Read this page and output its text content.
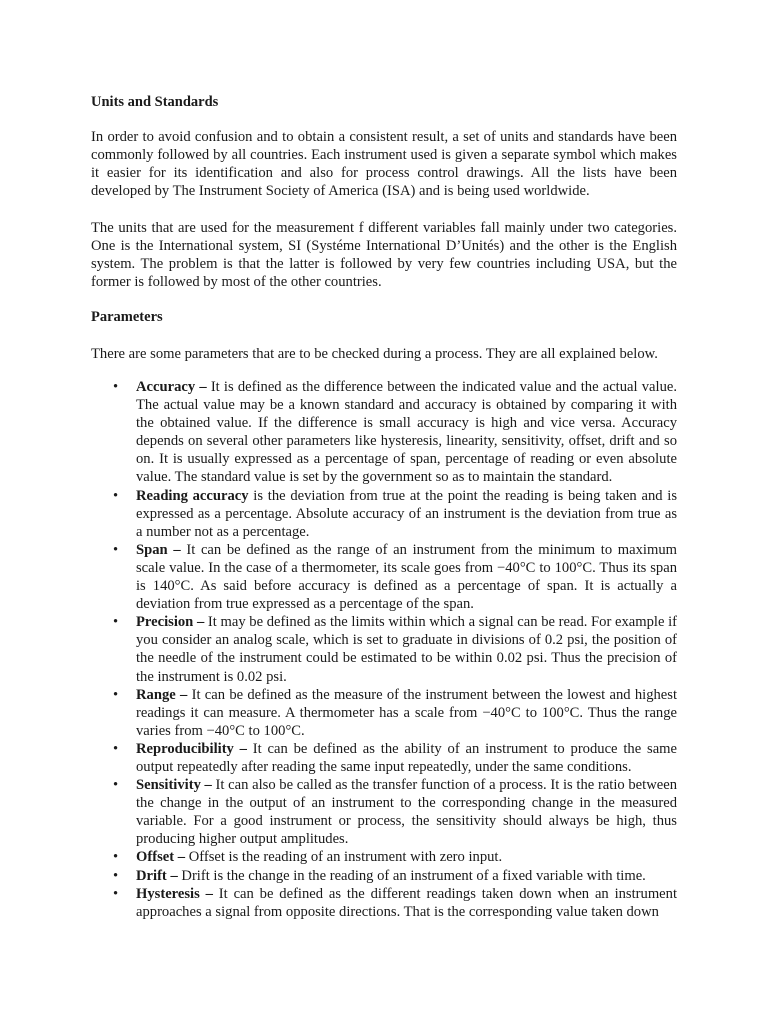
Units and Standards

In order to avoid confusion and to obtain a consistent result, a set of units and standards have been commonly followed by all countries. Each instrument used is given a separate symbol which makes it easier for its identification and also for process control drawings. All the lists have been developed by The Instrument Society of America (ISA) and is being used worldwide.

The units that are used for the measurement f different variables fall mainly under two categories. One is the International system, SI (Systéme International D’Unités) and the other is the English system. The problem is that the latter is followed by very few countries including USA, but the former is followed by most of the other countries.

Parameters

There are some parameters that are to be checked during a process. They are all explained below.

• Accuracy – It is defined as the difference between the indicated value and the actual value. The actual value may be a known standard and accuracy is obtained by comparing it with the obtained value. If the difference is small accuracy is high and vice versa. Accuracy depends on several other parameters like hysteresis, linearity, sensitivity, offset, drift and so on. It is usually expressed as a percentage of span, percentage of reading or even absolute value. The standard value is set by the government so as to maintain the standard.
• Reading accuracy is the deviation from true at the point the reading is being taken and is expressed as a percentage. Absolute accuracy of an instrument is the deviation from true as a number not as a percentage.
• Span – It can be defined as the range of an instrument from the minimum to maximum scale value. In the case of a thermometer, its scale goes from −40°C to 100°C. Thus its span is 140°C. As said before accuracy is defined as a percentage of span. It is actually a deviation from true expressed as a percentage of the span.
• Precision – It may be defined as the limits within which a signal can be read. For example if you consider an analog scale, which is set to graduate in divisions of 0.2 psi, the position of the needle of the instrument could be estimated to be within 0.02 psi. Thus the precision of the instrument is 0.02 psi.
• Range – It can be defined as the measure of the instrument between the lowest and highest readings it can measure. A thermometer has a scale from −40°C to 100°C. Thus the range varies from −40°C to 100°C.
• Reproducibility – It can be defined as the ability of an instrument to produce the same output repeatedly after reading the same input repeatedly, under the same conditions.
• Sensitivity – It can also be called as the transfer function of a process. It is the ratio between the change in the output of an instrument to the corresponding change in the measured variable. For a good instrument or process, the sensitivity should always be high, thus producing higher output amplitudes.
• Offset – Offset is the reading of an instrument with zero input.
• Drift – Drift is the change in the reading of an instrument of a fixed variable with time.
• Hysteresis – It can be defined as the different readings taken down when an instrument approaches a signal from opposite directions. That is the corresponding value taken down
